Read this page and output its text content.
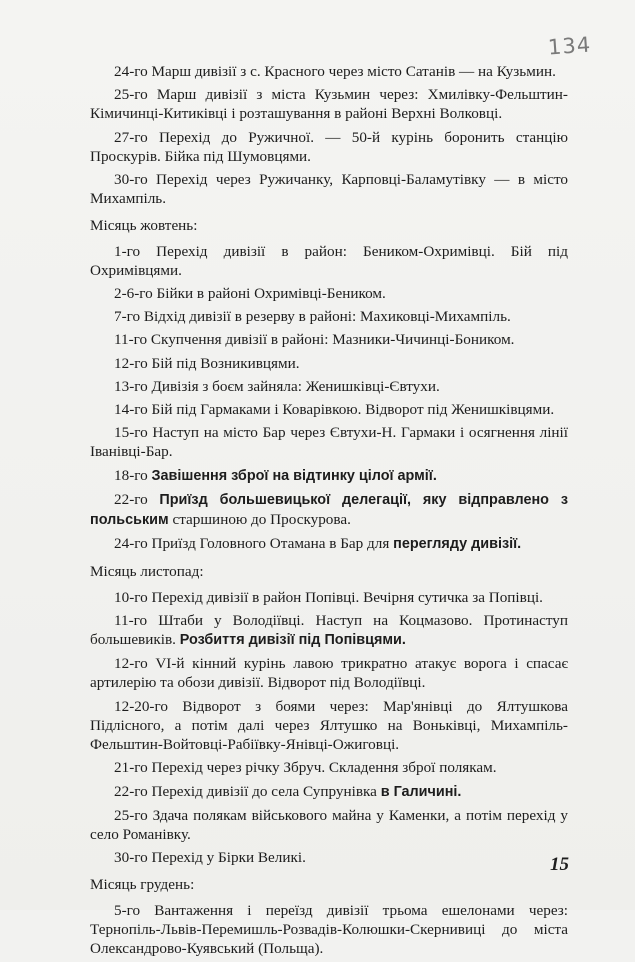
134

24-го Марш дивізії з с. Красного через місто Сатанів — на Кузьмин.

25-го Марш дивізії з міста Кузьмин через: Хмилівку-Фельштин-Кімичинці-Китиківці і розташування в районі Верхні Волковці.

27-го Перехід до Ружичної. — 50-й курінь боронить станцію Проскурів. Бійка під Шумовцями.

30-го Перехід через Ружичанку, Карповці-Баламутівку — в місто Михампіль.

Місяць жовтень:

1-го Перехід дивізії в район: Беником-Охримівці. Бій під Охримівцями.

2-6-го Бійки в районі Охримівці-Беником.

7-го Відхід дивізії в резерву в районі: Махиковці-Михампіль.

11-го Скупчення дивізії в районі: Мазники-Чичинці-Боником.

12-го Бій під Возникивцями.

13-го Дивізія з боєм зайняла: Женишківці-Євтухи.

14-го Бій під Гармаками і Коварівкою. Відворот під Женишківцями.

15-го Наступ на місто Бар через Євтухи-Н. Гармаки і осягнення лінії Іванівці-Бар.

18-го Завішення зброї на відтинку цілої армії.

22-го Приїзд большевицької делегації, яку відправлено з польським старшиною до Проскурова.

24-го Приїзд Головного Отамана в Бар для перегляду дивізії.

Місяць листопад:

10-го Перехід дивізії в район Попівці. Вечірня сутичка за Попівці.

11-го Штаби у Володіївці. Наступ на Коцмазово. Протинаступ большевиків. Розбиття дивізії під Попівцями.

12-го VI-й кінний курінь лавою трикратно атакує ворога і спасає артилерію та обози дивізії. Відворот під Володіївці.

12-20-го Відворот з боями через: Мар'янівці до Ялтушкова Підлісного, а потім далі через Ялтушко на Воньківці, Михампіль-Фельштин-Войтовці-Рабіївку-Янівці-Ожиговці.

21-го Перехід через річку Збруч. Складення зброї полякам.

22-го Перехід дивізії до села Супрунівка в Галичині.

25-го Здача полякам військового майна у Каменки, а потім перехід у село Романівку.

30-го Перехід у Бірки Великі.

Місяць грудень:

5-го Вантаження і переїзд дивізії трьома ешелонами через: Тернопіль-Львів-Перемишль-Розвадів-Колюшки-Скернивиці до міста Олександрово-Куявський (Польща).

15
